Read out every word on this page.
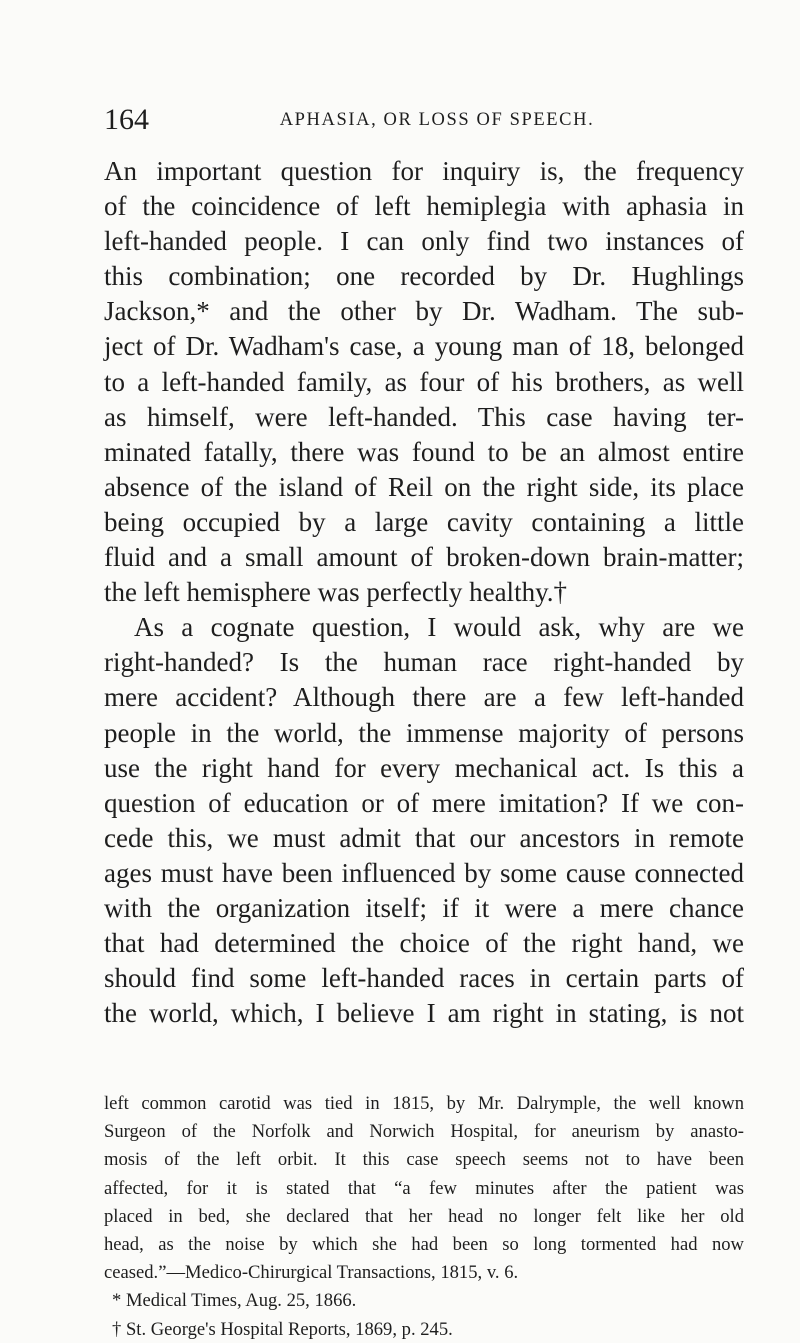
164	APHASIA, OR LOSS OF SPEECH.
An important question for inquiry is, the frequency
of the coincidence of left hemiplegia with aphasia in
left-handed people. I can only find two instances of
this combination; one recorded by Dr. Hughlings
Jackson,* and the other by Dr. Wadham. The sub-
ject of Dr. Wadham's case, a young man of 18, belonged
to a left-handed family, as four of his brothers, as well
as himself, were left-handed. This case having ter-
minated fatally, there was found to be an almost entire
absence of the island of Reil on the right side, its place
being occupied by a large cavity containing a little
fluid and a small amount of broken-down brain-matter;
the left hemisphere was perfectly healthy.†
As a cognate question, I would ask, why are we
right-handed? Is the human race right-handed by
mere accident? Although there are a few left-handed
people in the world, the immense majority of persons
use the right hand for every mechanical act. Is this a
question of education or of mere imitation? If we con-
cede this, we must admit that our ancestors in remote
ages must have been influenced by some cause connected
with the organization itself; if it were a mere chance
that had determined the choice of the right hand, we
should find some left-handed races in certain parts of
the world, which, I believe I am right in stating, is not
left common carotid was tied in 1815, by Mr. Dalrymple, the well known
Surgeon of the Norfolk and Norwich Hospital, for aneurism by anasto-
mosis of the left orbit. It this case speech seems not to have been
affected, for it is stated that “a few minutes after the patient was
placed in bed, she declared that her head no longer felt like her old
head, as the noise by which she had been so long tormented had now
ceased.”—Medico-Chirurgical Transactions, 1815, v. 6.
* Medical Times, Aug. 25, 1866.
† St. George's Hospital Reports, 1869, p. 245.
